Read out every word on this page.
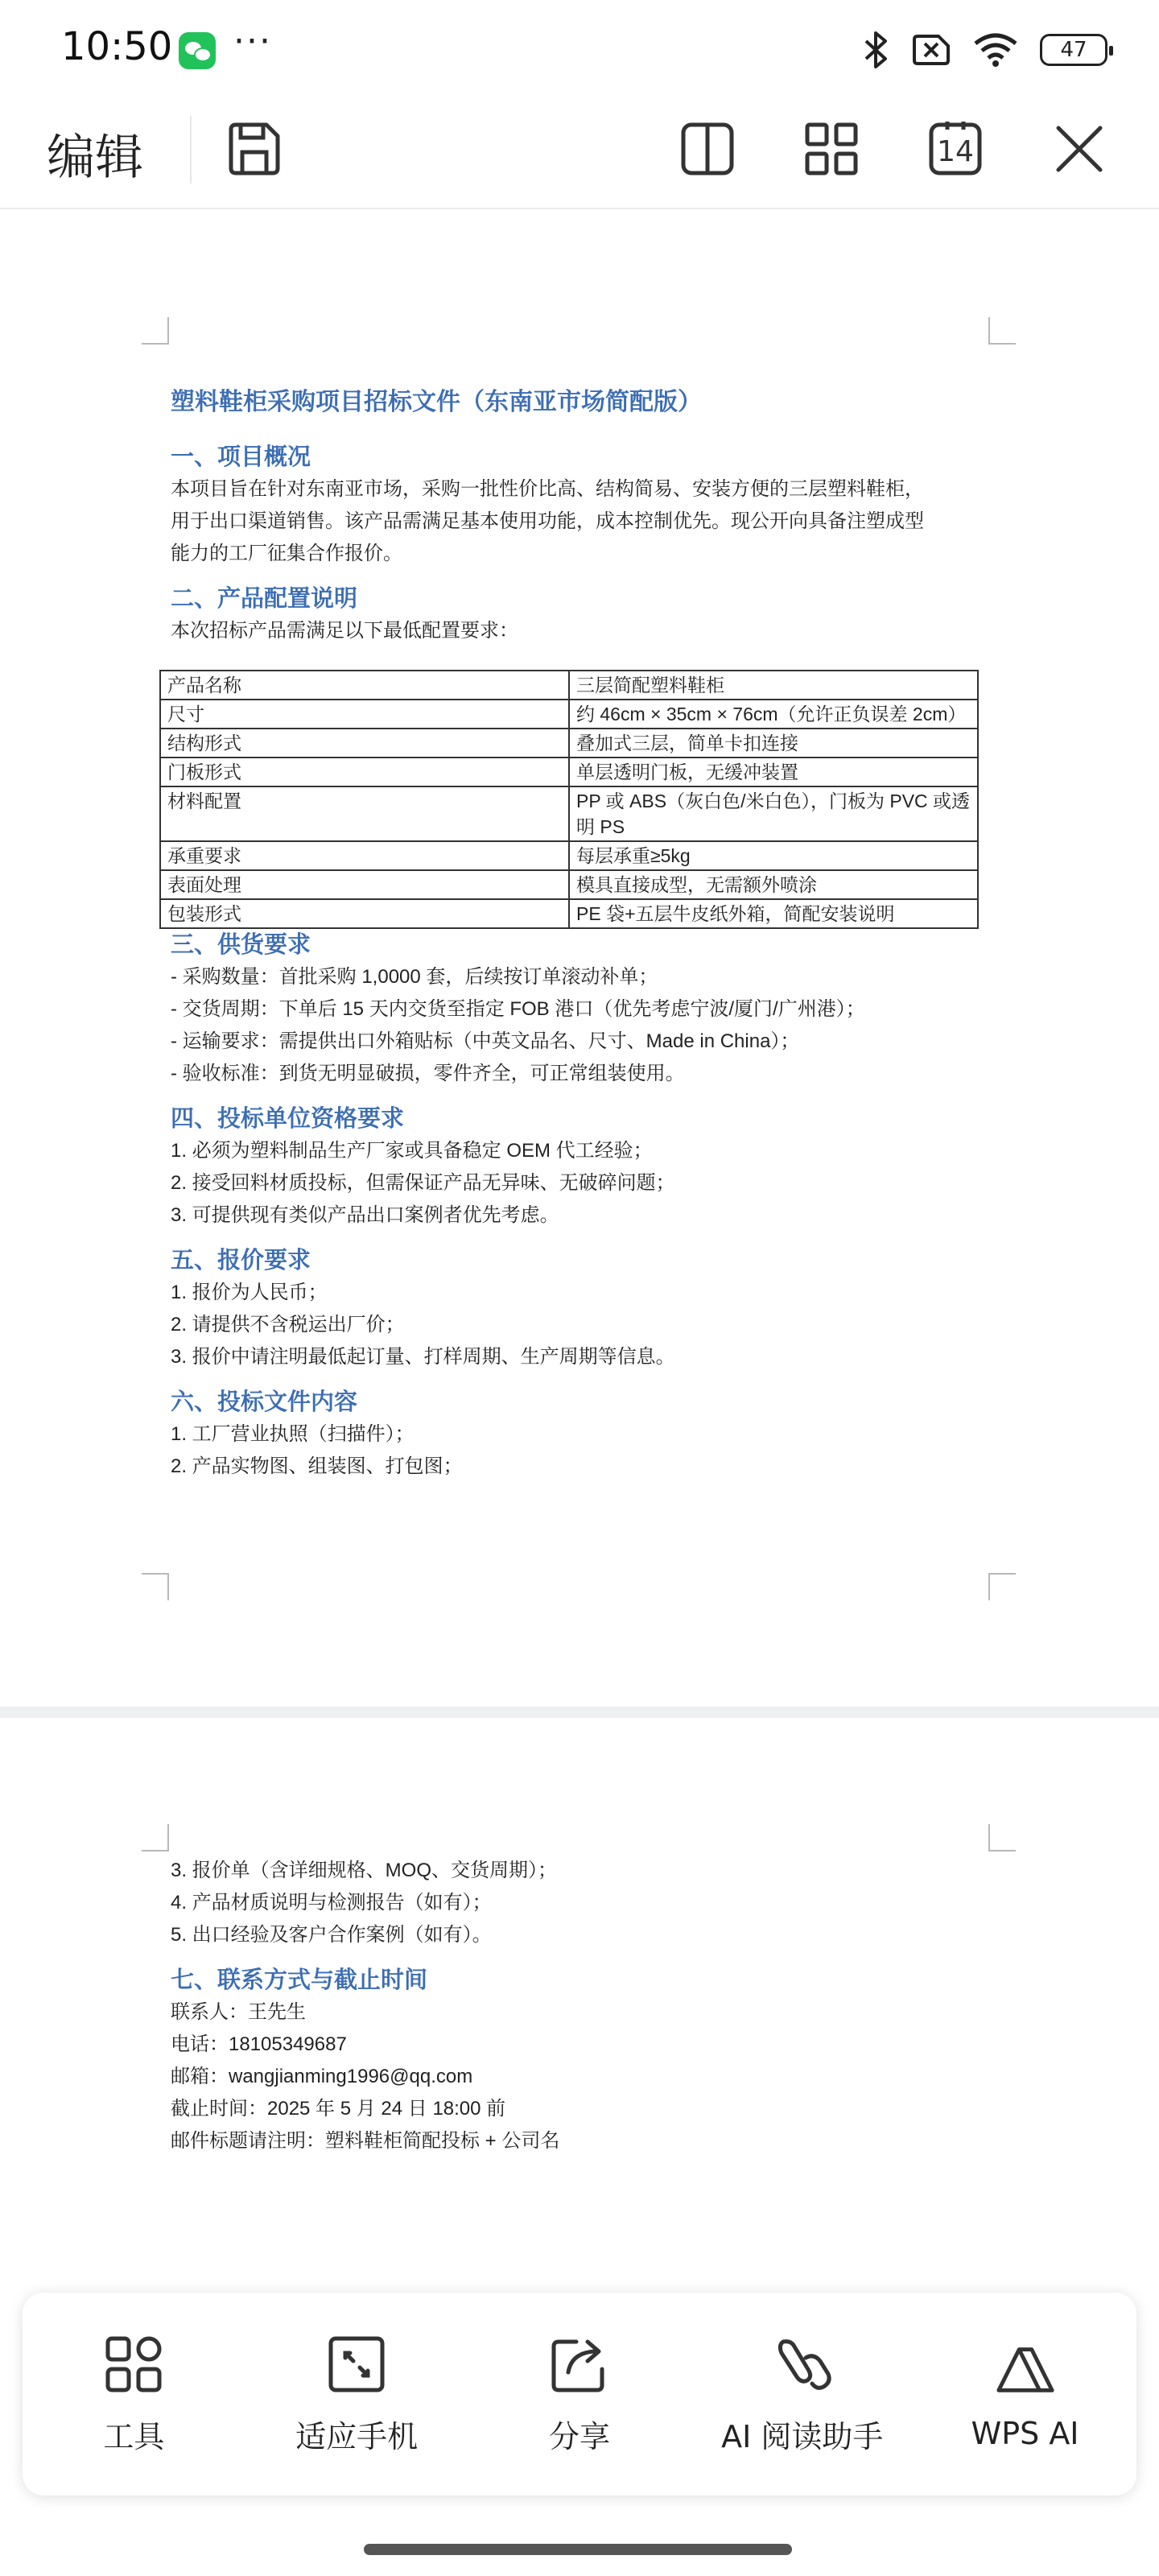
10:50 ···	47
编辑	14
塑料鞋柜采购项目招标文件（东南亚市场简配版）
一、项目概况
本项目旨在针对东南亚市场，采购一批性价比高、结构简易、安装方便的三层塑料鞋柜，
用于出口渠道销售。该产品需满足基本使用功能，成本控制优先。现公开向具备注塑成型
能力的工厂征集合作报价。
二、产品配置说明
本次招标产品需满足以下最低配置要求：
产品名称	三层简配塑料鞋柜
尺寸	约 46cm × 35cm × 76cm（允许正负误差 2cm）
结构形式	叠加式三层，简单卡扣连接
门板形式	单层透明门板，无缓冲装置
材料配置	PP 或 ABS（灰白色/米白色），门板为 PVC 或透明 PS
承重要求	每层承重≥5kg
表面处理	模具直接成型，无需额外喷涂
包装形式	PE 袋+五层牛皮纸外箱，简配安装说明
三、供货要求
- 采购数量：首批采购 1,0000 套，后续按订单滚动补单；
- 交货周期：下单后 15 天内交货至指定 FOB 港口（优先考虑宁波/厦门/广州港）；
- 运输要求：需提供出口外箱贴标（中英文品名、尺寸、Made in China）；
- 验收标准：到货无明显破损，零件齐全，可正常组装使用。
四、投标单位资格要求
1. 必须为塑料制品生产厂家或具备稳定 OEM 代工经验；
2. 接受回料材质投标，但需保证产品无异味、无破碎问题；
3. 可提供现有类似产品出口案例者优先考虑。
五、报价要求
1. 报价为人民币；
2. 请提供不含税运出厂价；
3. 报价中请注明最低起订量、打样周期、生产周期等信息。
六、投标文件内容
1. 工厂营业执照（扫描件）；
2. 产品实物图、组装图、打包图；
3. 报价单（含详细规格、MOQ、交货周期）；
4. 产品材质说明与检测报告（如有）；
5. 出口经验及客户合作案例（如有）。
七、联系方式与截止时间
联系人：王先生
电话：18105349687
邮箱：wangjianming1996@qq.com
截止时间：2025 年 5 月 24 日 18:00 前
邮件标题请注明：塑料鞋柜简配投标 + 公司名
工具	适应手机	分享	AI 阅读助手	WPS AI
